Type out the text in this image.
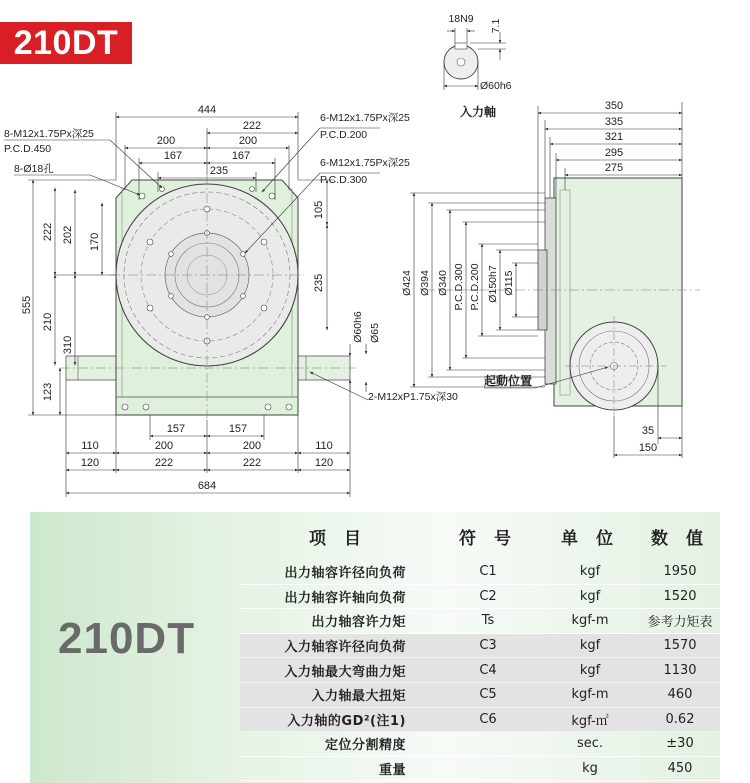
210DT
444
222
200	200
167	167
235
8-M12x1.75Px深25
P.C.D.450
8-Ø18孔
6-M12x1.75Px深25
P.C.D.200
6-M12x1.75Px深25
P.C.D.300
555
222 202 170
210
310
123
105
235
Ø60h6 Ø65
2-M12xP1.75x深30
157	157
110	200	200	110
120	222	222	120
684
18N9 7.1
Ø60h6
入力軸	350
335
321
295
275
Ø424 Ø394 Ø340 P.C.D.300 P.C.D.200 Ø150h7 Ø115
起動位置
35
150
210DT
项 目	符 号	单 位	数 值
出力轴容许径向负荷	C1	kgf	1950
出力轴容许轴向负荷	C2	kgf	1520
出力轴容许力矩	Ts	kgf-m	参考力矩表
入力轴容许径向负荷	C3	kgf	1570
入力轴最大弯曲力矩	C4	kgf	1130
入力轴最大扭矩	C5	kgf-m	460
入力轴的GD²(注1)	C6	kgf-㎡	0.62
定位分割精度		sec.	±30
重量		kg	450
